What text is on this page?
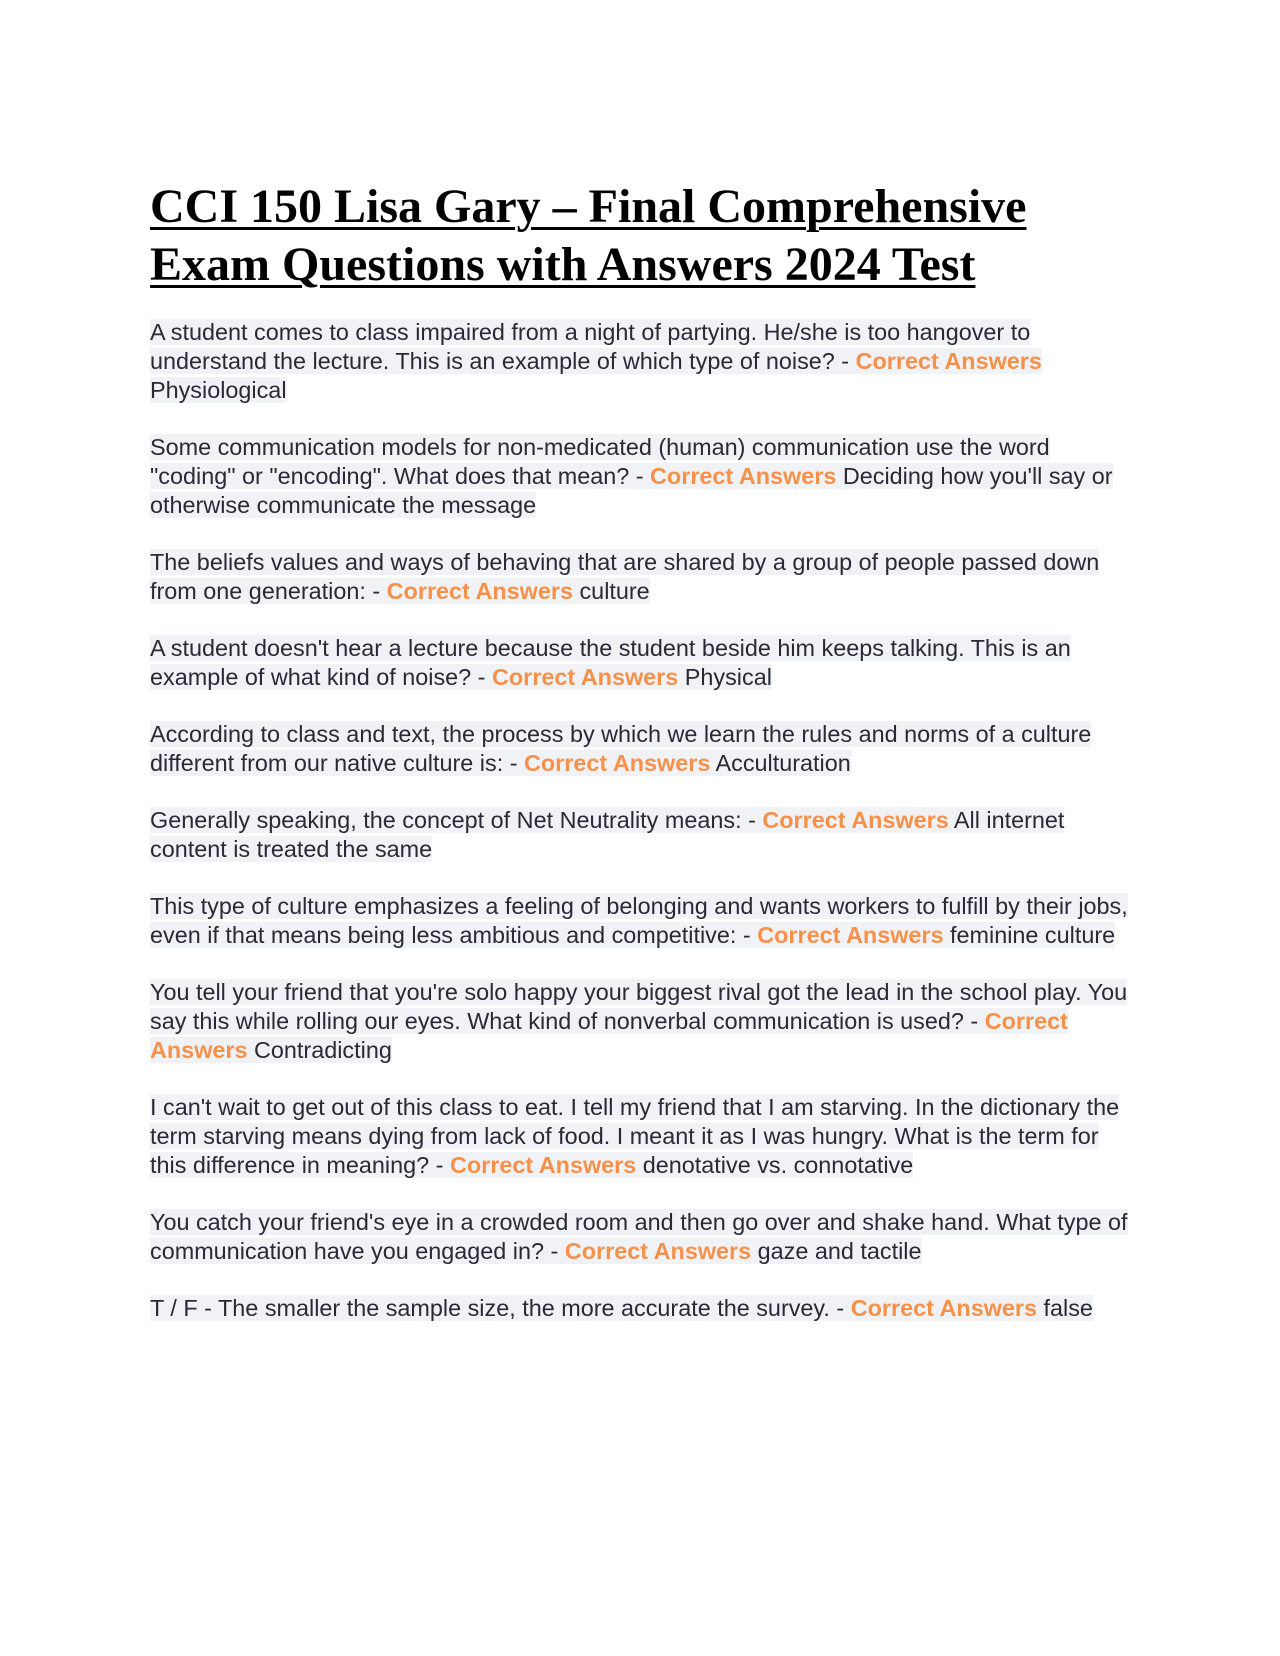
CCI 150 Lisa Gary – Final Comprehensive Exam Questions with Answers 2024 Test

A student comes to class impaired from a night of partying. He/she is too hangover to understand the lecture. This is an example of which type of noise? - Correct Answers Physiological

Some communication models for non-medicated (human) communication use the word "coding" or "encoding". What does that mean? - Correct Answers Deciding how you'll say or otherwise communicate the message

The beliefs values and ways of behaving that are shared by a group of people passed down from one generation: - Correct Answers culture

A student doesn't hear a lecture because the student beside him keeps talking. This is an example of what kind of noise? - Correct Answers Physical

According to class and text, the process by which we learn the rules and norms of a culture different from our native culture is: - Correct Answers Acculturation

Generally speaking, the concept of Net Neutrality means: - Correct Answers All internet content is treated the same

This type of culture emphasizes a feeling of belonging and wants workers to fulfill by their jobs, even if that means being less ambitious and competitive: - Correct Answers feminine culture

You tell your friend that you're solo happy your biggest rival got the lead in the school play. You say this while rolling our eyes. What kind of nonverbal communication is used? - Correct Answers Contradicting

I can't wait to get out of this class to eat. I tell my friend that I am starving. In the dictionary the term starving means dying from lack of food. I meant it as I was hungry. What is the term for this difference in meaning? - Correct Answers denotative vs. connotative

You catch your friend's eye in a crowded room and then go over and shake hand. What type of communication have you engaged in? - Correct Answers gaze and tactile

T / F - The smaller the sample size, the more accurate the survey. - Correct Answers false
